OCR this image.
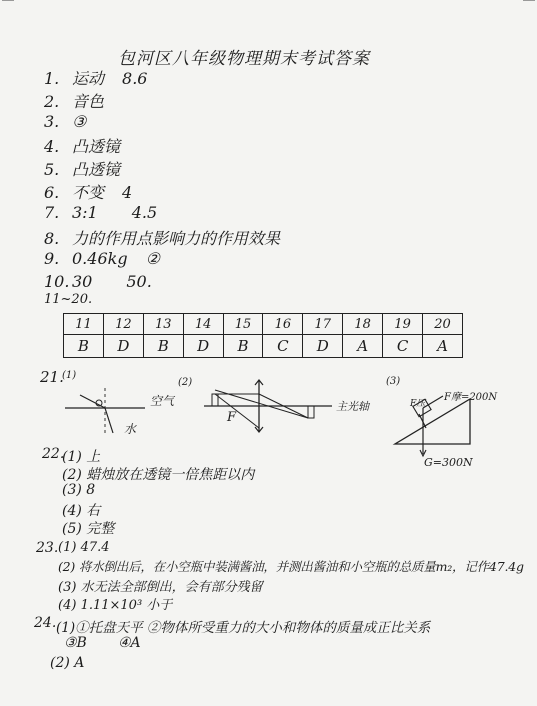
包河区八年级物理期末考试答案
1. 运动 8.6
2. 音色
3. ③
4. 凸透镜
5. 凸透镜
6. 不变 4
7. 3:1 4.5
8. 力的作用点影响力的作用效果
9. 0.46kg ②
10. 30 50.
11~20.
11	12	13	14	15	16	17	18	19	20
B	D	B	D	B	C	D	A	C	A
21.
(1)
空气
水
(2)
F
主光轴
(3)
F压
F摩=200N
G=300N
22.
(1) 上
(2) 蜡烛放在透镜一倍焦距以内
(3) 8
(4) 右
(5) 完整
23. (1) 47.4
(2) 将水倒出后，在小空瓶中装满酱油，并测出酱油和小空瓶的总质量m₂，记作47.4g
(3) 水无法全部倒出，会有部分残留
(4) 1.11×10³ 小于
24. (1)①托盘天平 ②物体所受重力的大小和物体的质量成正比关系
③B       ④A
(2) A
